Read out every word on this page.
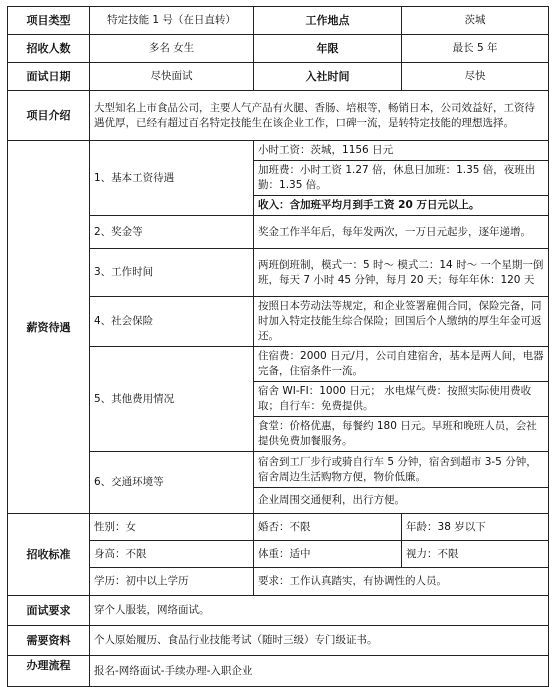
项目类型	特定技能 1 号（在日直转）	工作地点	茨城
招收人数	多名 女生	年限	最长 5 年
面试日期	尽快面试	入社时间	尽快
项目介绍	大型知名上市食品公司，主要人气产品有火腿、香肠、培根等，畅销日本，公司效益好，工资待遇优厚，已经有超过百名特定技能生在该企业工作，口碑一流，是转特定技能的理想选择。		
薪资待遇	1、基本工资待遇	小时工资：茨城，1156 日元	
		加班费：小时工资 1.27 倍，休息日加班：1.35 倍，夜班出勤：1.35 倍。	
		收入：含加班平均月到手工资 20 万日元以上。	
	2、奖金等	奖金工作半年后，每年发两次，一万日元起步，逐年递增。	
	3、工作时间	两班倒班制，模式一：5 时～ 模式二：14 时～ 一个星期一倒班，每天 7 小时 45 分钟，每月 20 天；每年年休：120 天	
	4、社会保险	按照日本劳动法等规定，和企业签署雇佣合同，保险完备，同时加入特定技能生综合保险；回国后个人缴纳的厚生年金可返还。	
	5、其他费用情况	住宿费：2000 日元/月，公司自建宿舍，基本是两人间，电器完备，住宿条件一流。	
		宿舍 WI-FI：1000 日元； 水电煤气费：按照实际使用费收取；自行车：免费提供。	
		食堂：价格优惠，每餐约 180 日元。早班和晚班人员，会社提供免费加餐服务。	
	6、交通环境等	宿舍到工厂步行或骑自行车 5 分钟，宿舍到超市 3-5 分钟，宿舍周边生活购物方便，物价低廉。	
		企业周围交通便利，出行方便。	
招收标准	性别：女	婚否：不限	年龄：38 岁以下
	身高：不限	体重：适中	视力：不限
	学历：初中以上学历	要求：工作认真踏实，有协调性的人员。	
面试要求	穿个人服装，网络面试。		
需要资料	个人原始履历、食品行业技能考试（随时三级）专门级证书。		
办理流程	报名-网络面试-手续办理-入职企业		
